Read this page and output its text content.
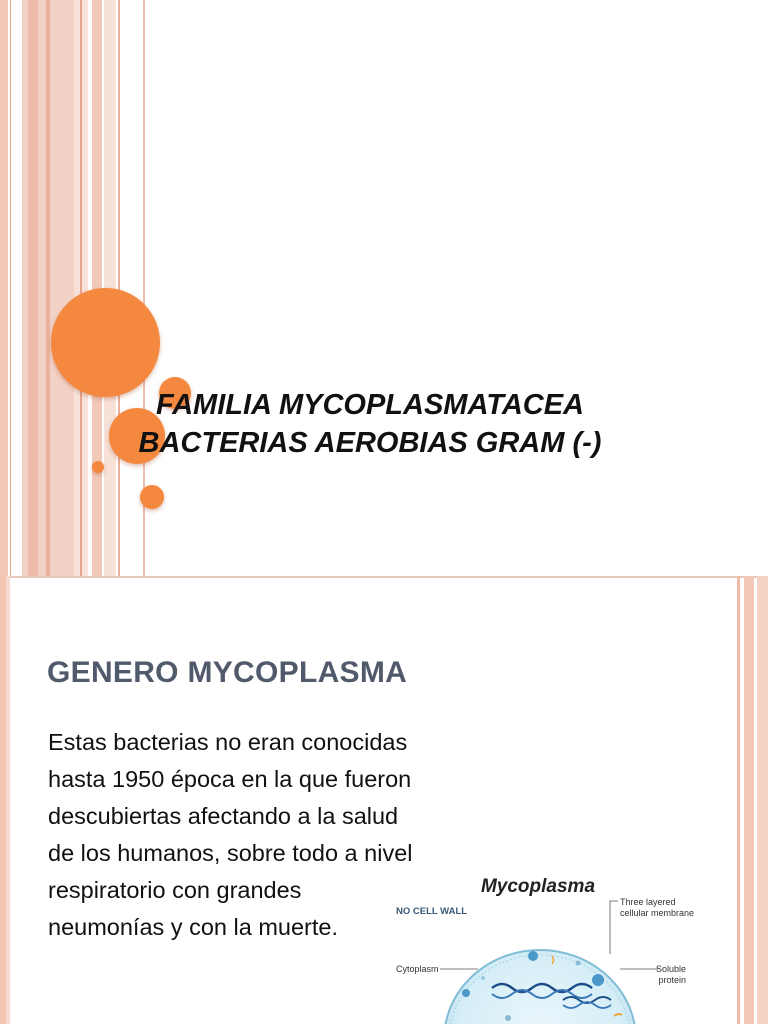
FAMILIA MYCOPLASMATACEA
BACTERIAS AEROBIAS GRAM (-)
GENERO MYCOPLASMA
Estas bacterias no eran conocidas
hasta 1950 época en la que fueron
descubiertas afectando a la salud
de los humanos, sobre todo a nivel
respiratorio con grandes
neumonías y con la muerte.
Mycoplasma
NO CELL WALL
Three layered
cellular membrane
Cytoplasm	Soluble
protein
